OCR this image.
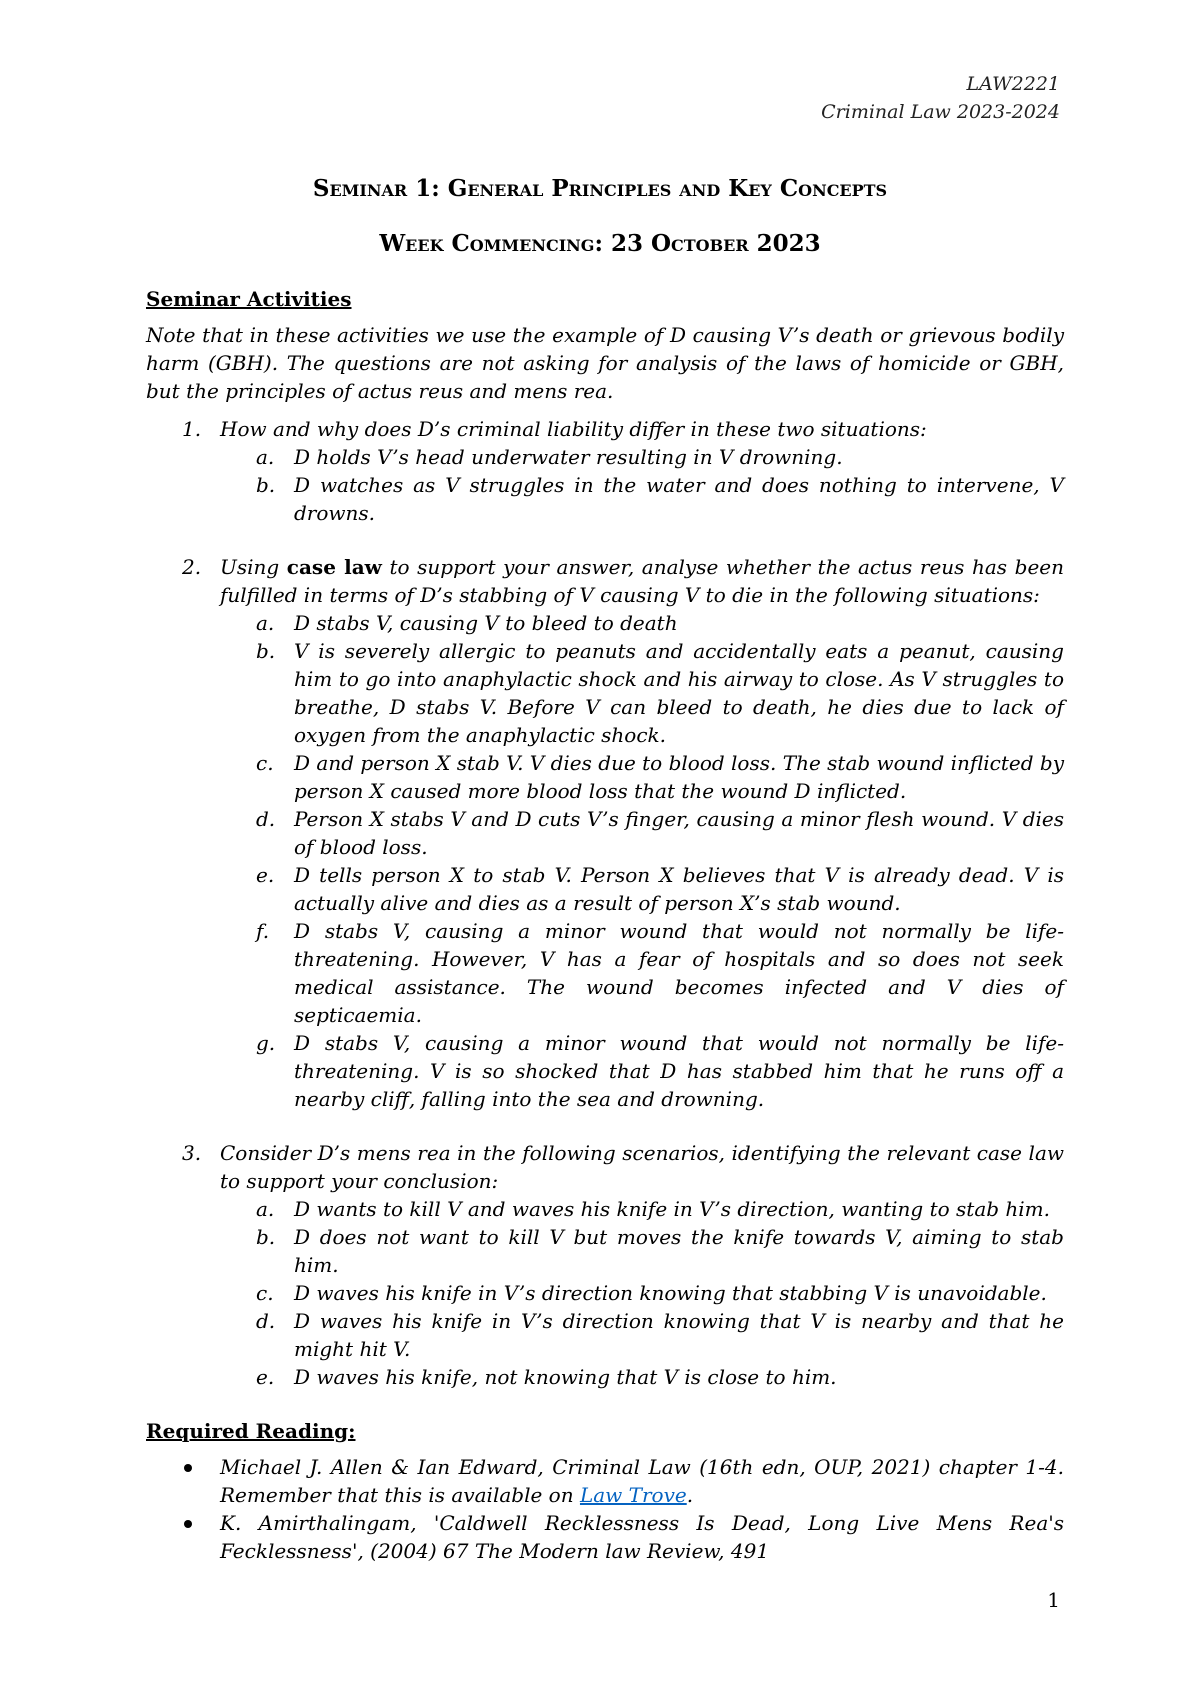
LAW2221
Criminal Law 2023-2024
Seminar 1: General Principles and Key Concepts
Week Commencing: 23 October 2023

Seminar Activities

Note that in these activities we use the example of D causing V’s death or grievous bodily harm (GBH). The questions are not asking for analysis of the laws of homicide or GBH, but the principles of actus reus and mens rea.

1. How and why does D’s criminal liability differ in these two situations:
a. D holds V’s head underwater resulting in V drowning.
b. D watches as V struggles in the water and does nothing to intervene, V drowns.
2. Using case law to support your answer, analyse whether the actus reus has been fulfilled in terms of D’s stabbing of V causing V to die in the following situations:
a. D stabs V, causing V to bleed to death
b. V is severely allergic to peanuts and accidentally eats a peanut, causing him to go into anaphylactic shock and his airway to close. As V struggles to breathe, D stabs V. Before V can bleed to death, he dies due to lack of oxygen from the anaphylactic shock.
c. D and person X stab V. V dies due to blood loss. The stab wound inflicted by person X caused more blood loss that the wound D inflicted.
d. Person X stabs V and D cuts V’s finger, causing a minor flesh wound. V dies of blood loss.
e. D tells person X to stab V. Person X believes that V is already dead. V is actually alive and dies as a result of person X’s stab wound.
f. D stabs V, causing a minor wound that would not normally be life-threatening. However, V has a fear of hospitals and so does not seek medical assistance. The wound becomes infected and V dies of septicaemia.
g. D stabs V, causing a minor wound that would not normally be life-threatening. V is so shocked that D has stabbed him that he runs off a nearby cliff, falling into the sea and drowning.
3. Consider D’s mens rea in the following scenarios, identifying the relevant case law to support your conclusion:
a. D wants to kill V and waves his knife in V’s direction, wanting to stab him.
b. D does not want to kill V but moves the knife towards V, aiming to stab him.
c. D waves his knife in V’s direction knowing that stabbing V is unavoidable.
d. D waves his knife in V’s direction knowing that V is nearby and that he might hit V.
e. D waves his knife, not knowing that V is close to him.

Required Reading:

Michael J. Allen & Ian Edward, Criminal Law (16th edn, OUP, 2021) chapter 1-4. Remember that this is available on Law Trove.
K. Amirthalingam, 'Caldwell Recklessness Is Dead, Long Live Mens Rea's Fecklessness', (2004) 67 The Modern law Review, 491
1
